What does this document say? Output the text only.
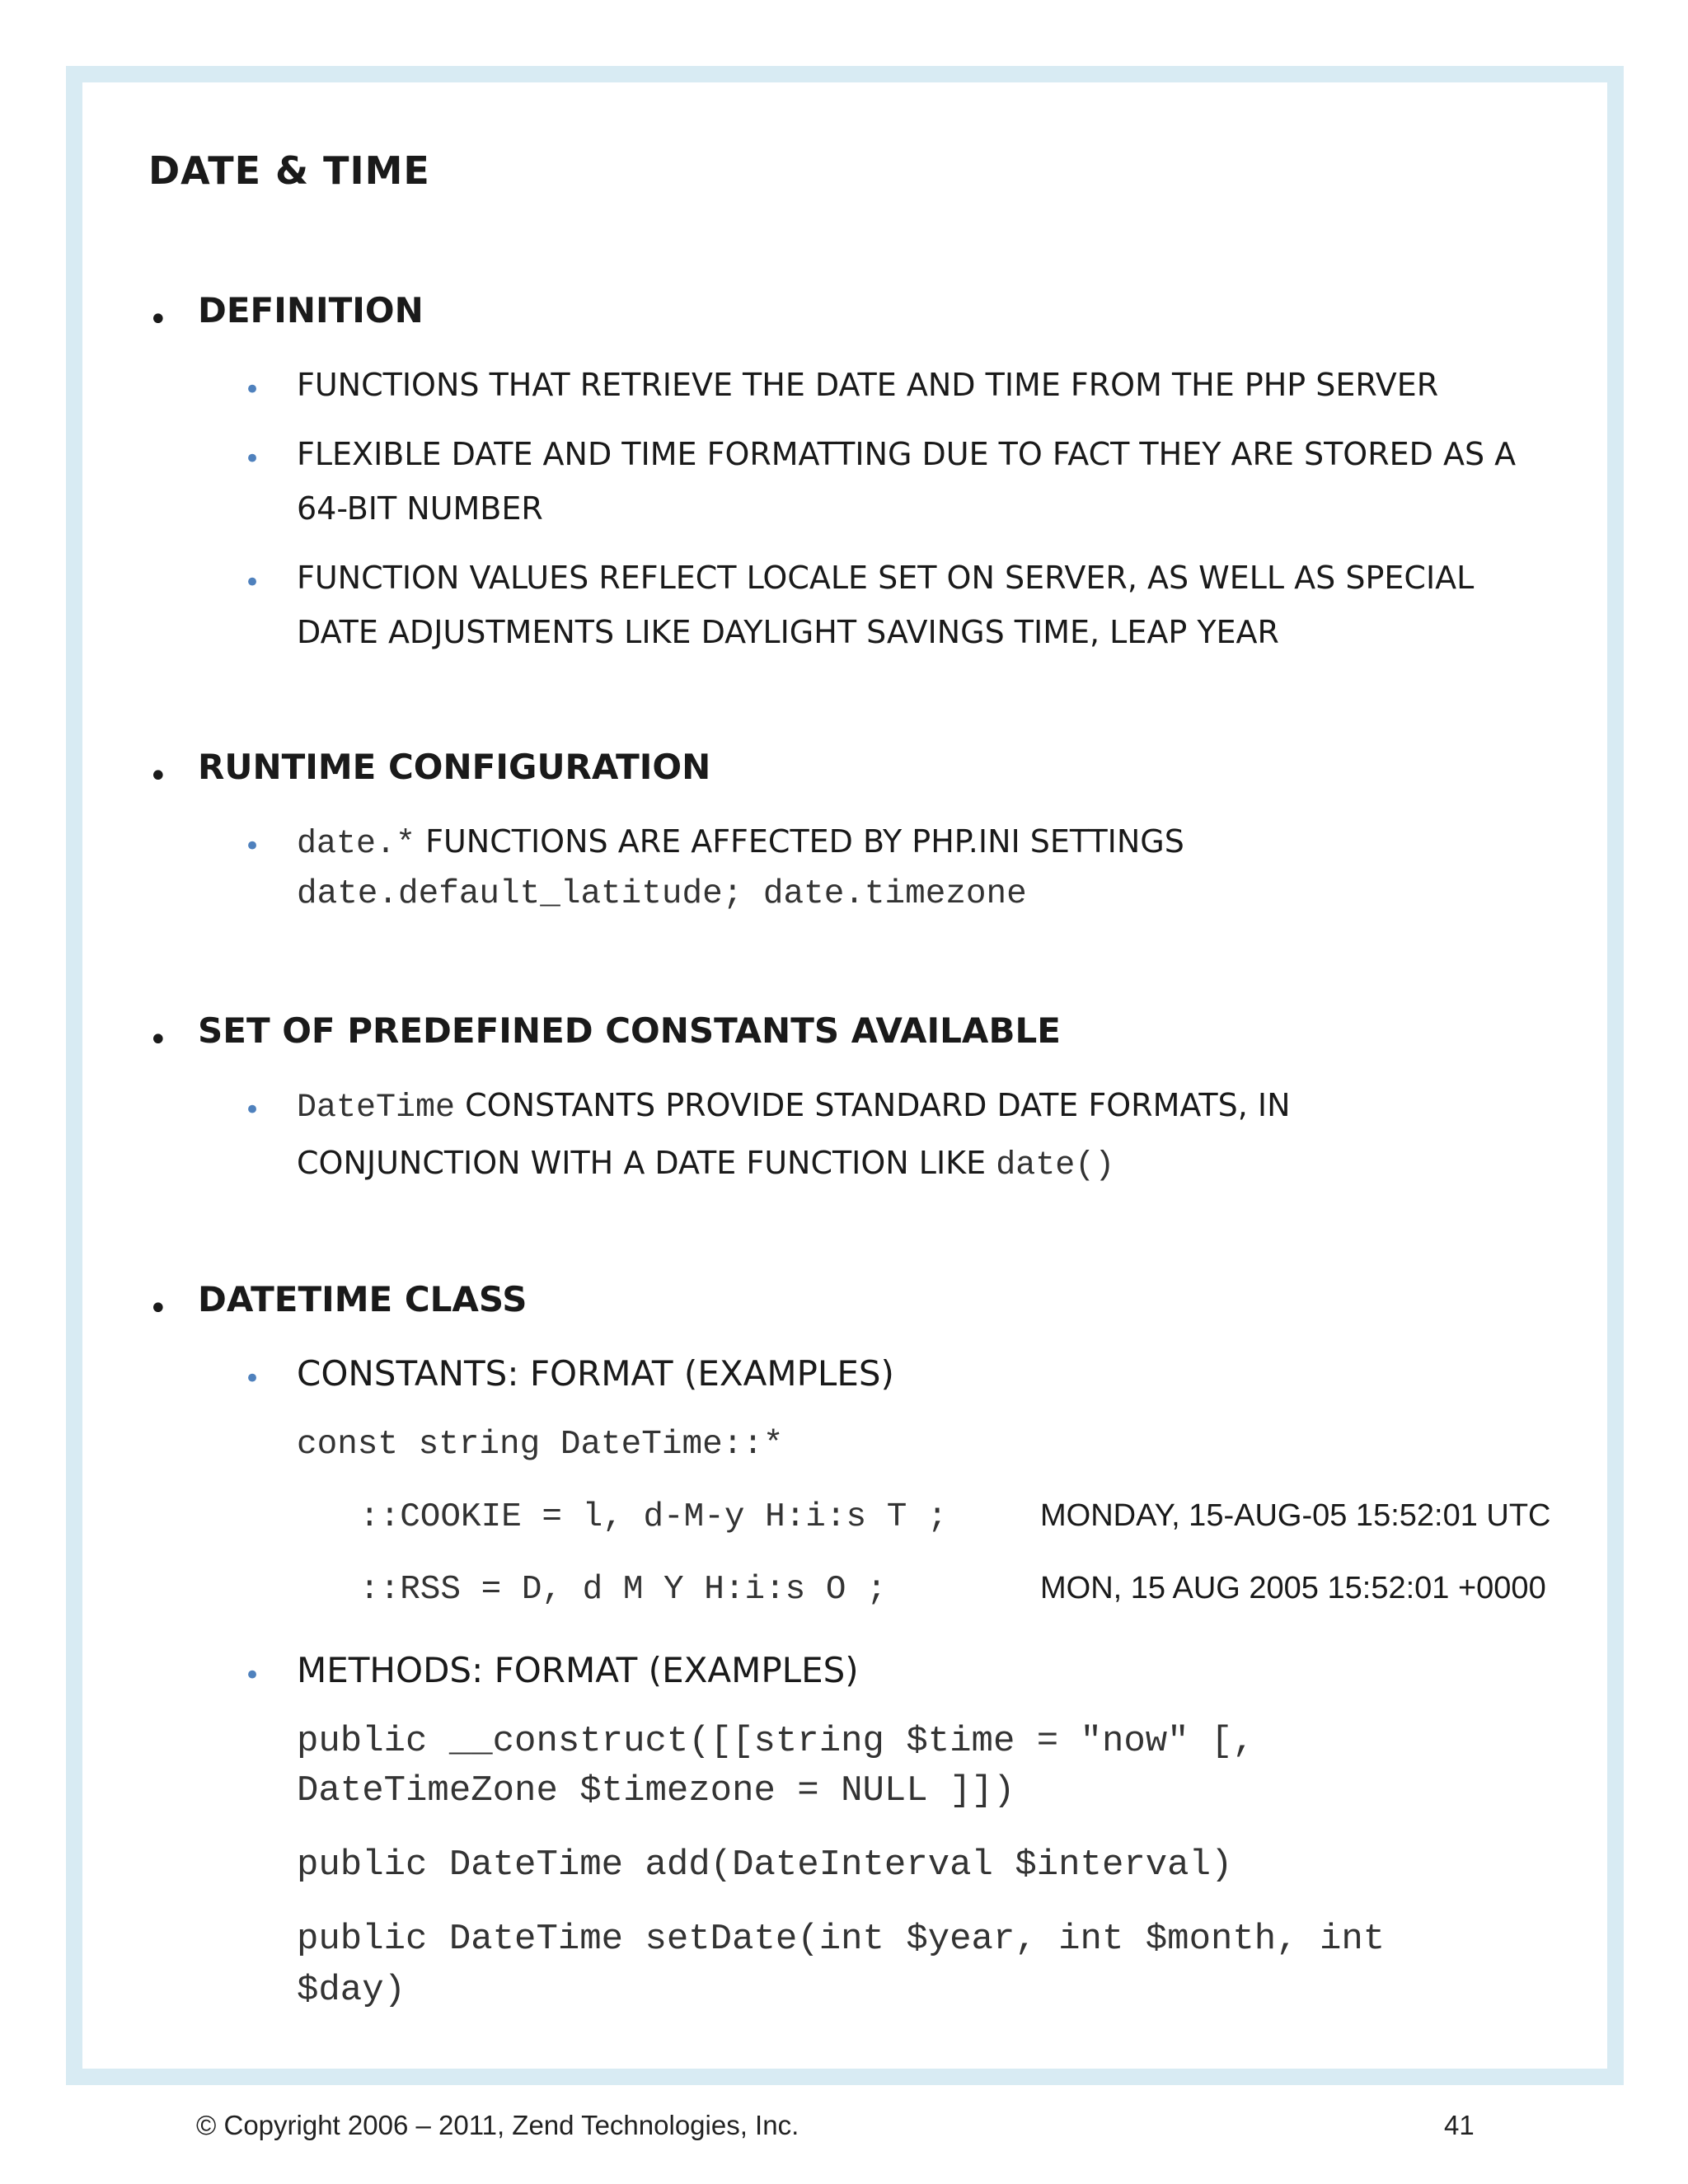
DATE & TIME
• DEFINITION
• FUNCTIONS THAT RETRIEVE THE DATE AND TIME FROM THE PHP SERVER
• FLEXIBLE DATE AND TIME FORMATTING DUE TO FACT THEY ARE STORED AS A
64-BIT NUMBER
• FUNCTION VALUES REFLECT LOCALE SET ON SERVER, AS WELL AS SPECIAL
DATE ADJUSTMENTS LIKE DAYLIGHT SAVINGS TIME, LEAP YEAR
• RUNTIME CONFIGURATION
• date.* FUNCTIONS ARE AFFECTED BY PHP.INI SETTINGS
date.default_latitude; date.timezone
• SET OF PREDEFINED CONSTANTS AVAILABLE
• DateTime CONSTANTS PROVIDE STANDARD DATE FORMATS, IN
CONJUNCTION WITH A DATE FUNCTION LIKE date()
• DATETIME CLASS
• CONSTANTS: FORMAT (EXAMPLES)
const string DateTime::*
::COOKIE = l, d-M-y H:i:s T ;	MONDAY, 15-AUG-05 15:52:01 UTC
::RSS = D, d M Y H:i:s O ;	MON, 15 AUG 2005 15:52:01 +0000
• METHODS: FORMAT (EXAMPLES)
public __construct([[string $time = "now" [,
DateTimeZone $timezone = NULL ]])
public DateTime add(DateInterval $interval)
public DateTime setDate(int $year, int $month, int
$day)
© Copyright 2006 – 2011, Zend Technologies, Inc.	41
